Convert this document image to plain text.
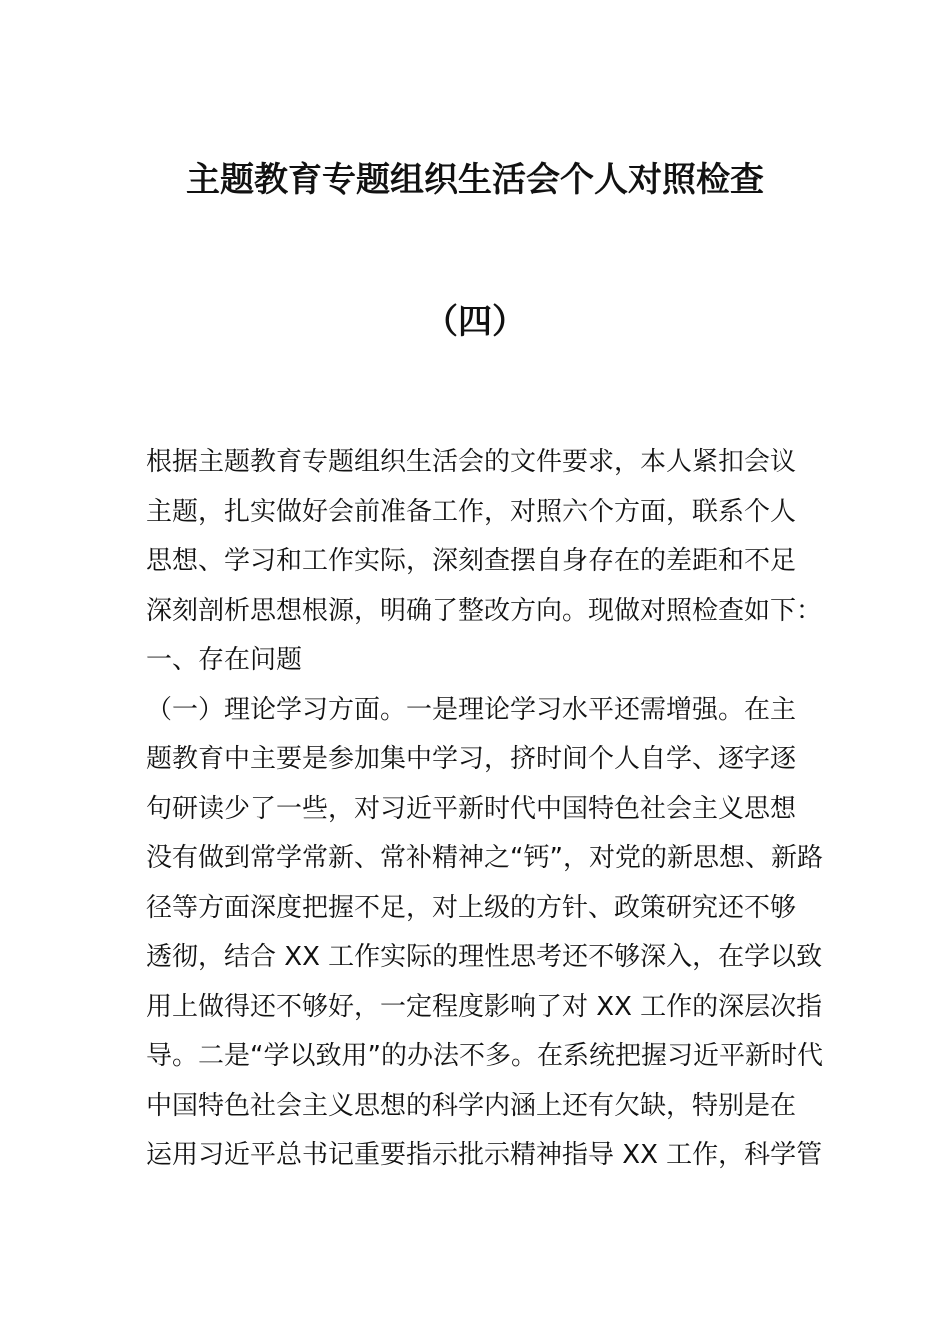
主题教育专题组织生活会个人对照检查
（四）
根据主题教育专题组织生活会的文件要求，本人紧扣会议
主题，扎实做好会前准备工作，对照六个方面，联系个人
思想、学习和工作实际，深刻查摆自身存在的差距和不足
深刻剖析思想根源，明确了整改方向。现做对照检查如下：
一、存在问题
（一）理论学习方面。一是理论学习水平还需增强。在主
题教育中主要是参加集中学习，挤时间个人自学、逐字逐
句研读少了一些，对习近平新时代中国特色社会主义思想
没有做到常学常新、常补精神之“钙”，对党的新思想、新路
径等方面深度把握不足，对上级的方针、政策研究还不够
透彻，结合 XX 工作实际的理性思考还不够深入，在学以致
用上做得还不够好，一定程度影响了对 XX 工作的深层次指
导。二是“学以致用”的办法不多。在系统把握习近平新时代
中国特色社会主义思想的科学内涵上还有欠缺，特别是在
运用习近平总书记重要指示批示精神指导 XX 工作，科学管
